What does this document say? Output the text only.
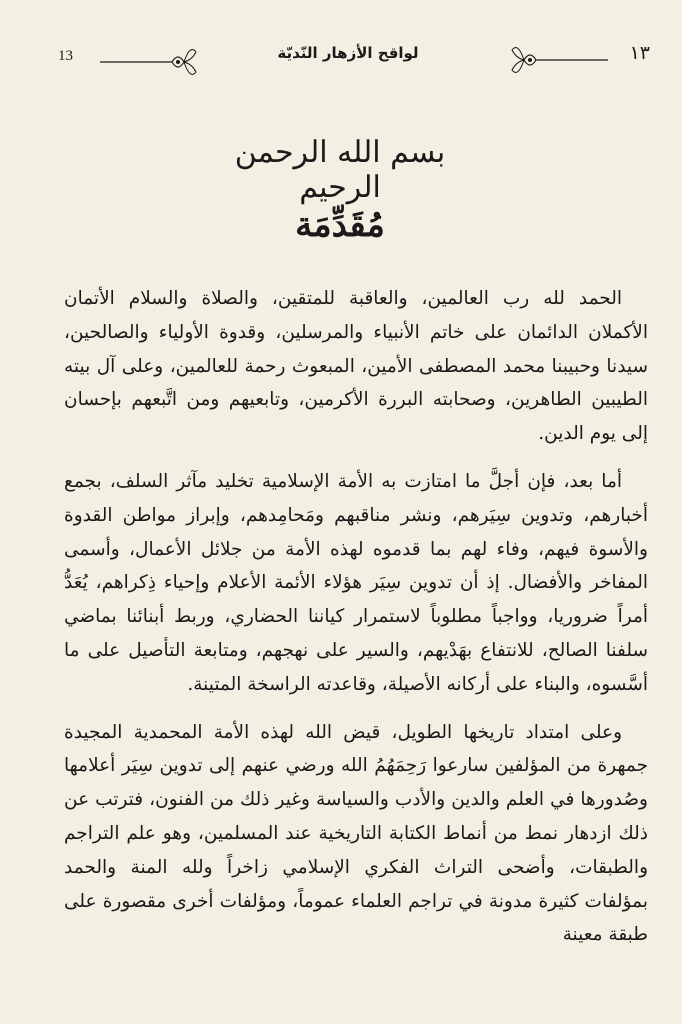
13	لواقح الأزهار النّديّة	١٣
بسم الله الرحمن الرحيم
مُقَدِّمَة

الحمد لله رب العالمين، والعاقبة للمتقين، والصلاة والسلام الأتمان الأكملان الدائمان على خاتم الأنبياء والمرسلين، وقدوة الأولياء والصالحين، سيدنا وحبيبنا محمد المصطفى الأمين، المبعوث رحمة للعالمين، وعلى آل بيته الطيبين الطاهرين، وصحابته البررة الأكرمين، وتابعيهم ومن اتَّبعهم بإحسان إلى يوم الدين.

أما بعد، فإن أجلَّ ما امتازت به الأمة الإسلامية تخليد مآثر السلف، بجمع أخبارهم، وتدوين سِيَرهم، ونشر مناقبهم ومَحامِدهم، وإبراز مواطن القدوة والأسوة فيهم، وفاء لهم بما قدموه لهذه الأمة من جلائل الأعمال، وأسمى المفاخر والأفضال. إذ أن تدوين سِيَر هؤلاء الأئمة الأعلام وإحياء ذِكراهم، يُعَدُّ أمراً ضروريا، وواجباً مطلوباً لاستمرار كياننا الحضاري، وربط أبنائنا بماضي سلفنا الصالح، للانتفاع بهَدْيهم، والسير على نهجهم، ومتابعة التأصيل على ما أسَّسوه، والبناء على أركانه الأصيلة، وقاعدته الراسخة المتينة.

وعلى امتداد تاريخها الطويل، قيض الله لهذه الأمة المحمدية المجيدة جمهرة من المؤلفين سارعوا رَحِمَهُمُ الله ورضي عنهم إلى تدوين سِيَر أعلامها وصُدورها في العلم والدين والأدب والسياسة وغير ذلك من الفنون، فترتب عن ذلك ازدهار نمط من أنماط الكتابة التاريخية عند المسلمين، وهو علم التراجم والطبقات، وأضحى التراث الفكري الإسلامي زاخراً ولله المنة والحمد بمؤلفات كثيرة مدونة في تراجم العلماء عموماً، ومؤلفات أخرى مقصورة على طبقة معينة
